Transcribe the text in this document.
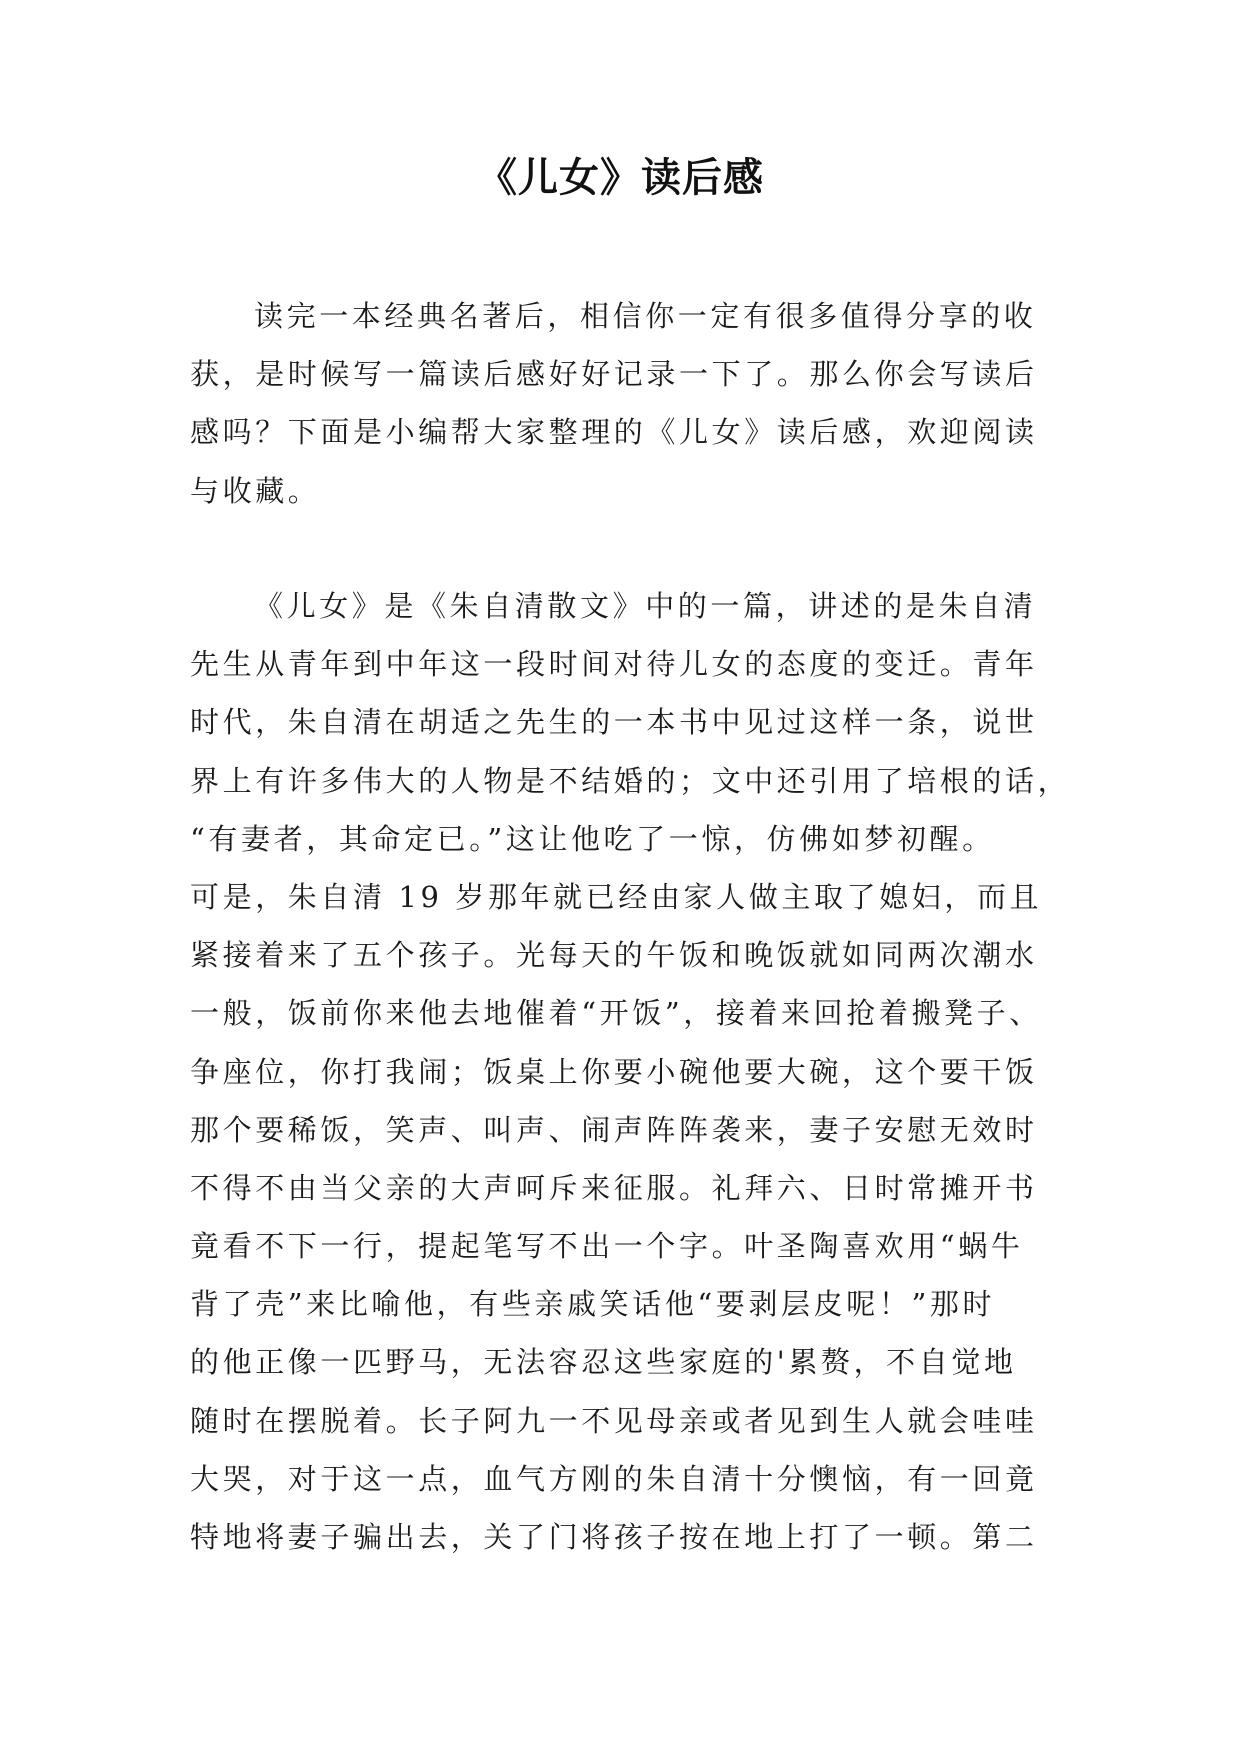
《儿女》读后感
读完一本经典名著后，相信你一定有很多值得分享的收
获，是时候写一篇读后感好好记录一下了。那么你会写读后
感吗？下面是小编帮大家整理的《儿女》读后感，欢迎阅读
与收藏。
《儿女》是《朱自清散文》中的一篇，讲述的是朱自清
先生从青年到中年这一段时间对待儿女的态度的变迁。青年
时代，朱自清在胡适之先生的一本书中见过这样一条，说世
界上有许多伟大的人物是不结婚的；文中还引用了培根的话，
“有妻者，其命定已。”这让他吃了一惊，仿佛如梦初醒。
可是，朱自清 19 岁那年就已经由家人做主取了媳妇，而且
紧接着来了五个孩子。光每天的午饭和晚饭就如同两次潮水
一般，饭前你来他去地催着“开饭”，接着来回抢着搬凳子、
争座位，你打我闹；饭桌上你要小碗他要大碗，这个要干饭
那个要稀饭，笑声、叫声、闹声阵阵袭来，妻子安慰无效时
不得不由当父亲的大声呵斥来征服。礼拜六、日时常摊开书
竟看不下一行，提起笔写不出一个字。叶圣陶喜欢用“蜗牛
背了壳”来比喻他，有些亲戚笑话他“要剥层皮呢！”那时
的他正像一匹野马，无法容忍这些家庭的'累赘，不自觉地
随时在摆脱着。长子阿九一不见母亲或者见到生人就会哇哇
大哭，对于这一点，血气方刚的朱自清十分懊恼，有一回竟
特地将妻子骗出去，关了门将孩子按在地上打了一顿。第二
